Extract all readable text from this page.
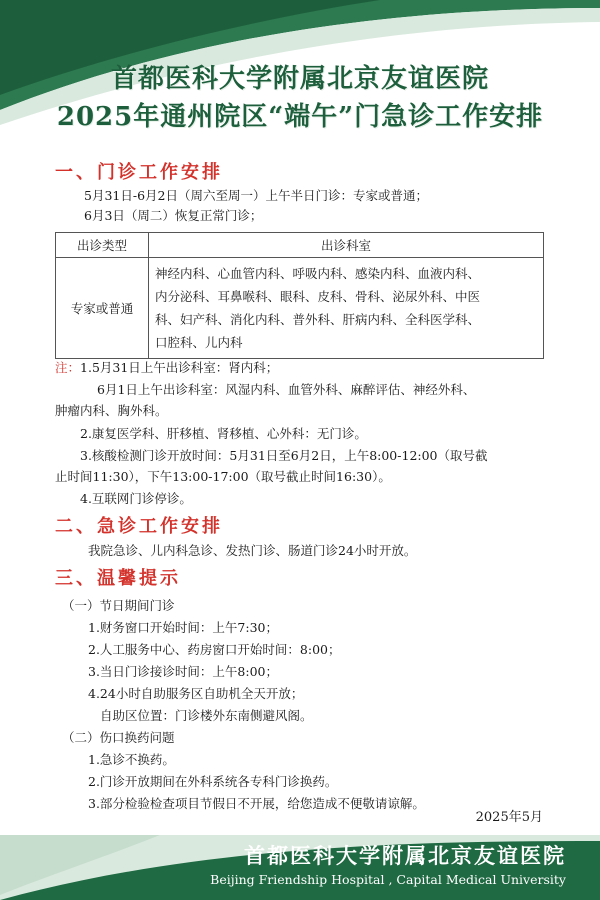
首都医科大学附属北京友谊医院
2025年通州院区“端午”门急诊工作安排
一、门诊工作安排
5月31日-6月2日（周六至周一）上午半日门诊：专家或普通；
6月3日（周二）恢复正常门诊；
出诊类型	出诊科室
专家或普通	神经内科、心血管内科、呼吸内科、感染内科、血液内科、
内分泌科、耳鼻喉科、眼科、皮科、骨科、泌尿外科、中医
科、妇产科、消化内科、普外科、肝病内科、全科医学科、
口腔科、儿内科
注：1.5月31日上午出诊科室：肾内科；
6月1日上午出诊科室：风湿内科、血管外科、麻醉评估、神经外科、
肿瘤内科、胸外科。
2.康复医学科、肝移植、肾移植、心外科：无门诊。
3.核酸检测门诊开放时间：5月31日至6月2日，上午8:00-12:00（取号截
止时间11:30），下午13:00-17:00（取号截止时间16:30）。
4.互联网门诊停诊。
二、急诊工作安排
我院急诊、儿内科急诊、发热门诊、肠道门诊24小时开放。
三、温馨提示
（一）节日期间门诊
1.财务窗口开始时间：上午7:30；
2.人工服务中心、药房窗口开始时间：8:00；
3.当日门诊接诊时间：上午8:00；
4.24小时自助服务区自助机全天开放；
自助区位置：门诊楼外东南侧避风阁。
（二）伤口换药问题
1.急诊不换药。
2.门诊开放期间在外科系统各专科门诊换药。
3.部分检验检查项目节假日不开展，给您造成不便敬请谅解。
2025年5月
首都医科大学附属北京友谊医院
Beijing Friendship Hospital , Capital Medical University
